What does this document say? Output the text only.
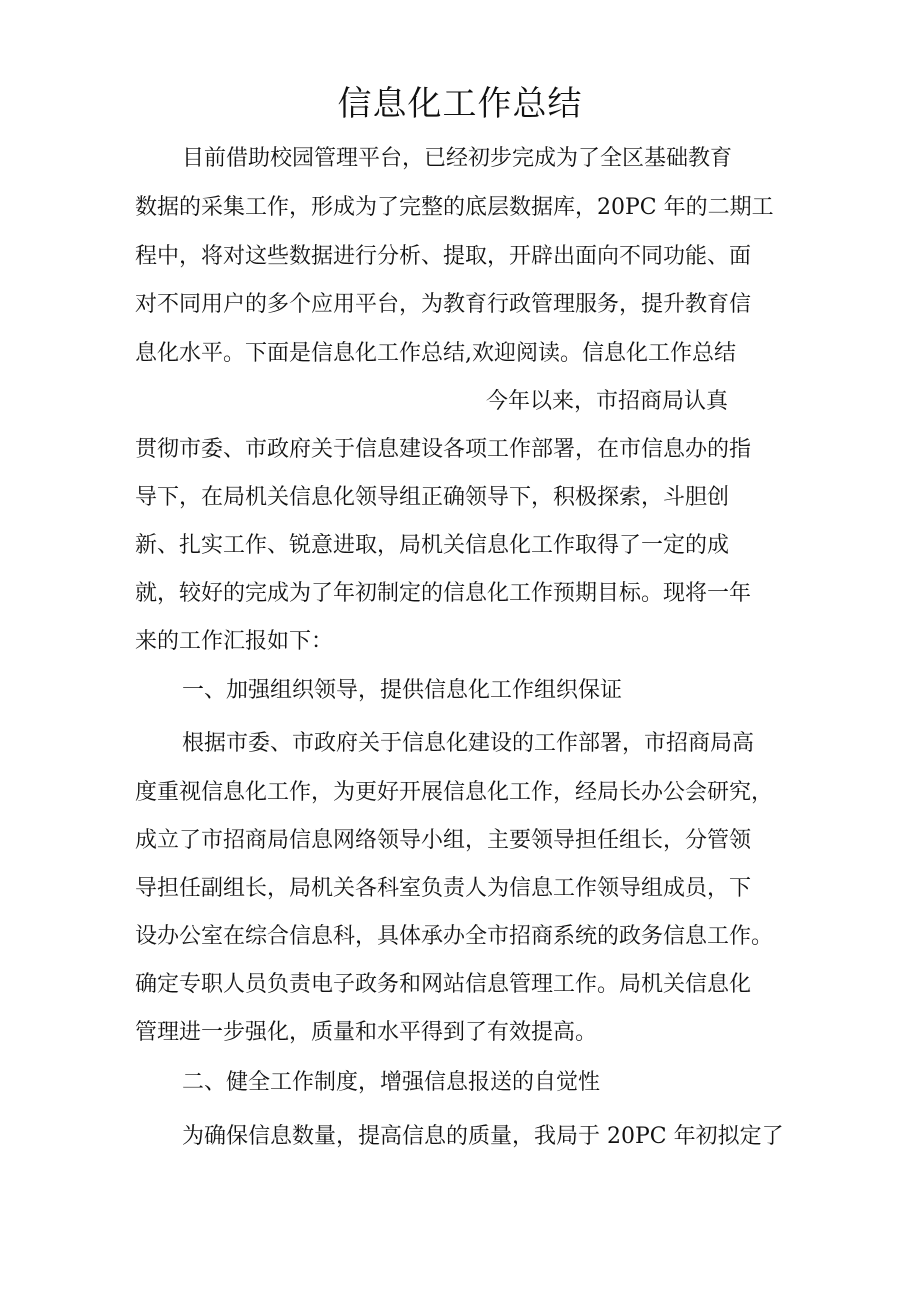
信息化工作总结
目前借助校园管理平台，已经初步完成为了全区基础教育
数据的采集工作，形成为了完整的底层数据库，20PC 年的二期工
程中，将对这些数据进行分析、提取，开辟出面向不同功能、面
对不同用户的多个应用平台，为教育行政管理服务，提升教育信
息化水平。下面是信息化工作总结,欢迎阅读。信息化工作总结
今年以来，市招商局认真
贯彻市委、市政府关于信息建设各项工作部署，在市信息办的指
导下，在局机关信息化领导组正确领导下，积极探索，斗胆创
新、扎实工作、锐意进取，局机关信息化工作取得了一定的成
就，较好的完成为了年初制定的信息化工作预期目标。现将一年
来的工作汇报如下：
一、加强组织领导，提供信息化工作组织保证
根据市委、市政府关于信息化建设的工作部署，市招商局高
度重视信息化工作，为更好开展信息化工作，经局长办公会研究，
成立了市招商局信息网络领导小组，主要领导担任组长，分管领
导担任副组长，局机关各科室负责人为信息工作领导组成员，下
设办公室在综合信息科，具体承办全市招商系统的政务信息工作。
确定专职人员负责电子政务和网站信息管理工作。局机关信息化
管理进一步强化，质量和水平得到了有效提高。
二、健全工作制度，增强信息报送的自觉性
为确保信息数量，提高信息的质量，我局于 20PC 年初拟定了
